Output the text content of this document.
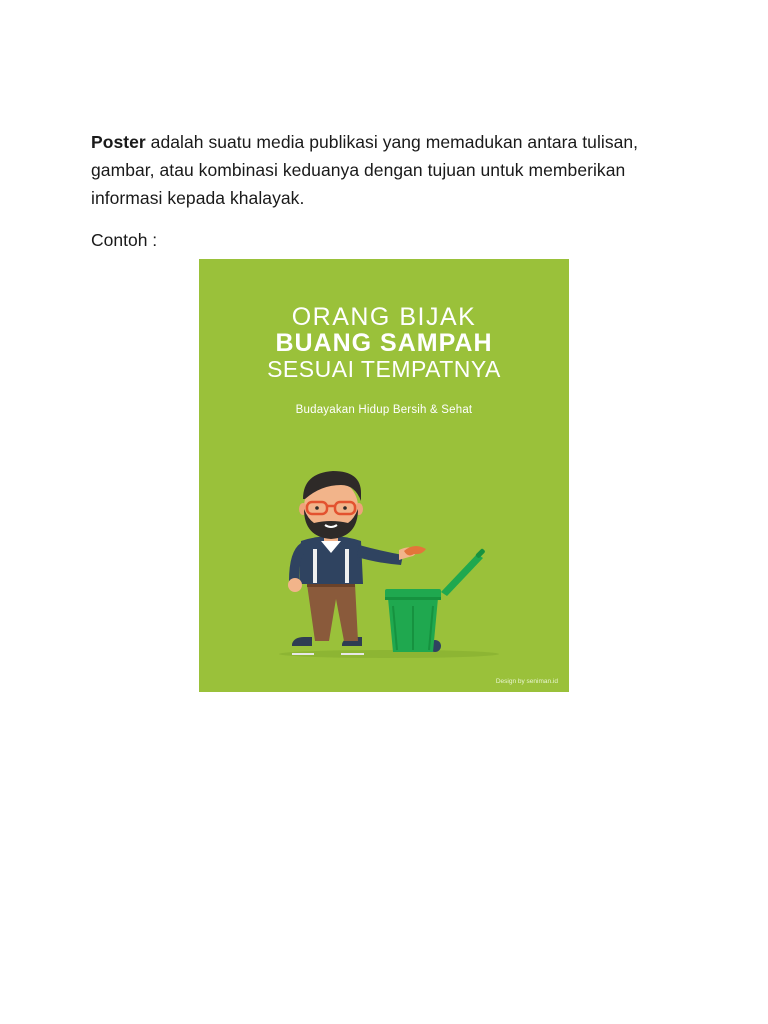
Poster adalah suatu media publikasi yang memadukan antara tulisan,
gambar, atau kombinasi keduanya dengan tujuan untuk memberikan
informasi kepada khalayak.
Contoh :
ORANG BIJAK
BUANG SAMPAH
SESUAI TEMPATNYA
Budayakan Hidup Bersih & Sehat
Design by seniman.id
